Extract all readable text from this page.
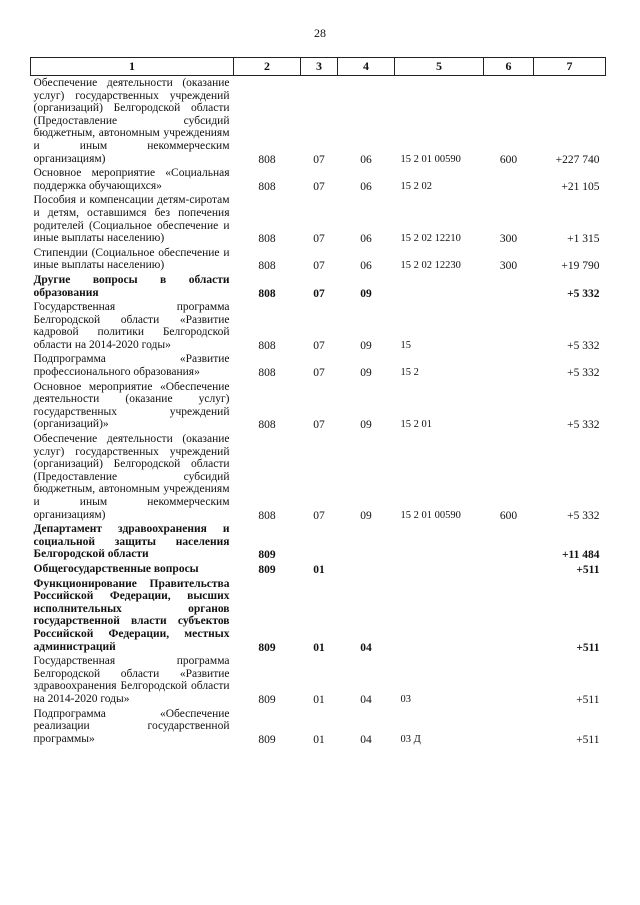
28
1	2	3	4	5	6	7
Обеспечение деятельности (оказание услуг) государственных учреждений (организаций) Белгородской области (Предоставление субсидий бюджетным, автономным учреждениям и иным некоммерческим организациям)	808	07	06	15 2 01 00590	600	+227 740
Основное мероприятие «Социальная поддержка обучающихся»	808	07	06	15 2 02		+21 105
Пособия и компенсации детям-сиротам и детям, оставшимся без попечения родителей (Социальное обеспечение и иные выплаты населению)	808	07	06	15 2 02 12210	300	+1 315
Стипендии (Социальное обеспечение и иные выплаты населению)	808	07	06	15 2 02 12230	300	+19 790
Другие вопросы в области образования	808	07	09			+5 332
Государственная программа Белгородской области «Развитие кадровой политики Белгородской области на 2014-2020 годы»	808	07	09	15		+5 332
Подпрограмма «Развитие профессионального образования»	808	07	09	15 2		+5 332
Основное мероприятие «Обеспечение деятельности (оказание услуг) государственных учреждений (организаций)»	808	07	09	15 2 01		+5 332
Обеспечение деятельности (оказание услуг) государственных учреждений (организаций) Белгородской области (Предоставление субсидий бюджетным, автономным учреждениям и иным некоммерческим организациям)	808	07	09	15 2 01 00590	600	+5 332
Департамент здравоохранения и социальной защиты населения Белгородской области	809					+11 484
Общегосударственные вопросы	809	01				+511
Функционирование Правительства Российской Федерации, высших исполнительных органов государственной власти субъектов Российской Федерации, местных администраций	809	01	04			+511
Государственная программа Белгородской области «Развитие здравоохранения Белгородской области на 2014-2020 годы»	809	01	04	03		+511
Подпрограмма «Обеспечение реализации государственной программы»	809	01	04	03 Д		+511
